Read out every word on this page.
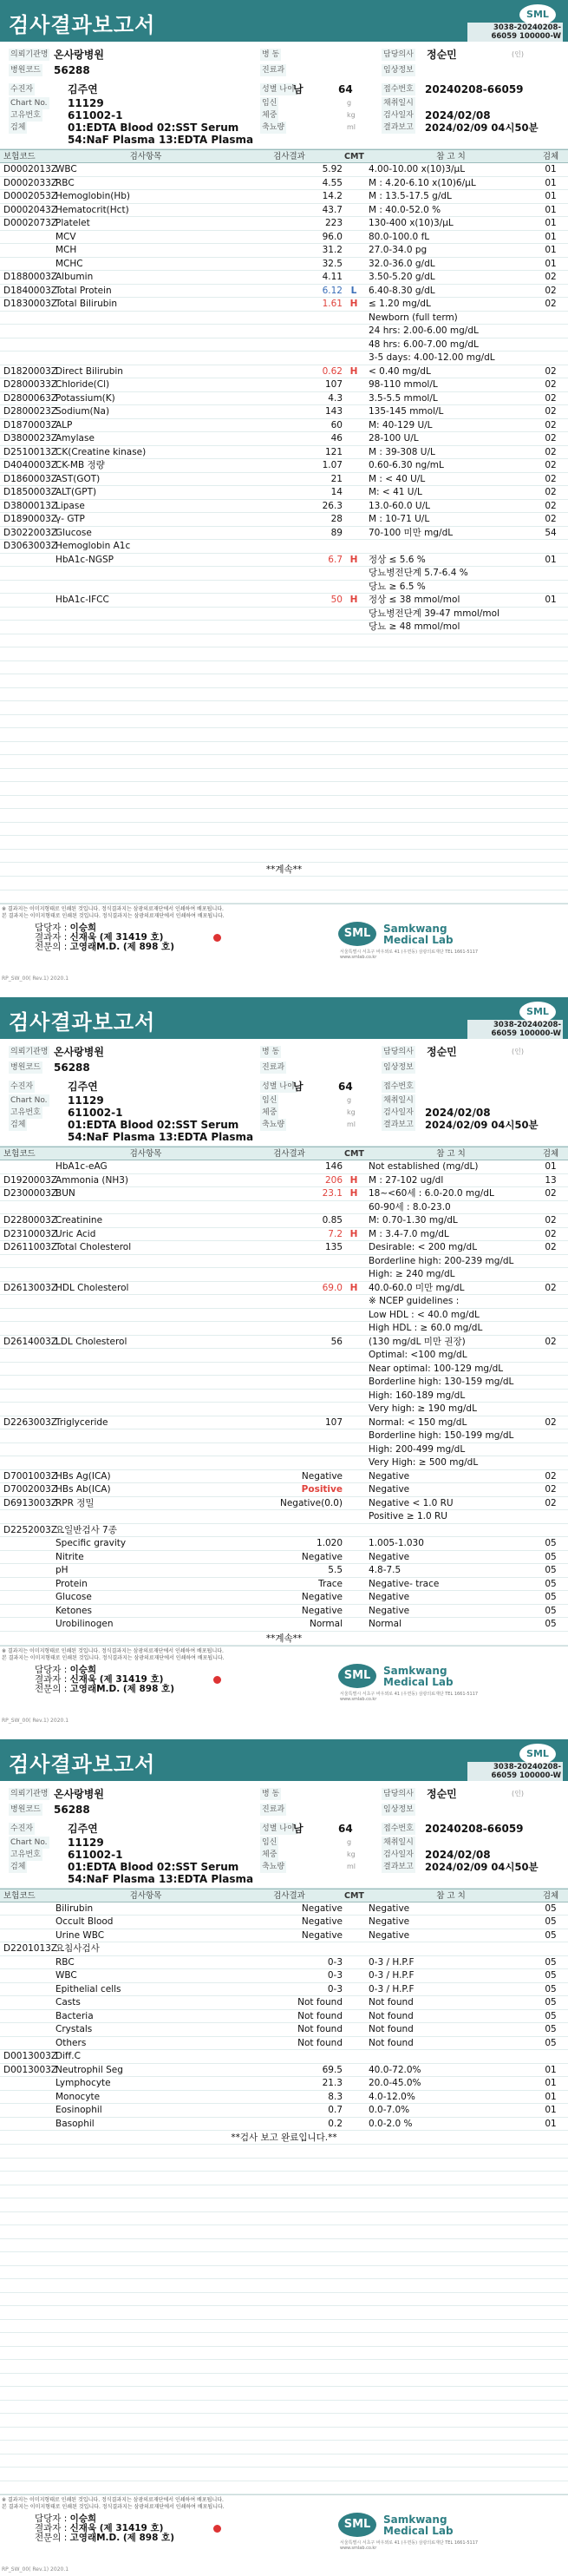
검사결과보고서	SML
3038-20240208-66059 100000-W
의뢰기관명 온사랑병원
병원코드 56288
병 동
진료과
담당의사 정순민	(인)
임상정보
수진자	김주연
Chart No. 11129
고유번호	611002-1
검체	01:EDTA Blood 02:SST Serum
54:NaF Plasma 13:EDTA Plasma
성별 나이
남	64
임신
체중
축뇨량
g
kg
ml
접수번호 20240208-66059
채취일시
검사일자 2024/02/08
결과보고 2024/02/09 04시50분
보험코드	검사항목	검사결과	CMT	참 고 치	검체
D0002013Z
WBC	5.92	4.00-10.00 x(10)3/μL	01
D0002033Z
RBC	4.55	M : 4.20-6.10 x(10)6/μL	01
D0002053Z
Hemoglobin(Hb)	14.2	M : 13.5-17.5 g/dL	01
D0002043Z
Hematocrit(Hct)	43.7	M : 40.0-52.0 %	01
D0002073Z
Platelet	223	130-400 x(10)3/μL	01
MCV	96.0	80.0-100.0 fL	01
MCH	31.2	27.0-34.0 pg	01
MCHC	32.5	32.0-36.0 g/dL	01
D1880003Z
Albumin	4.11	3.50-5.20 g/dL	02
D1840003Z
Total Protein	6.12 L	6.40-8.30 g/dL	02
D1830003Z
Total Bilirubin	1.61 H	≤ 1.20 mg/dL	02
Newborn (full term)
24 hrs: 2.00-6.00 mg/dL
48 hrs: 6.00-7.00 mg/dL
3-5 days: 4.00-12.00 mg/dL
D1820003Z
Direct Bilirubin	0.62 H	< 0.40 mg/dL	02
D2800033Z
Chloride(Cl)	107	98-110 mmol/L	02
D2800063Z
Potassium(K)	4.3	3.5-5.5 mmol/L	02
D2800023Z
Sodium(Na)	143	135-145 mmol/L	02
D1870003Z
ALP	60	M: 40-129 U/L	02
D3800023Z
Amylase	46	28-100 U/L	02
D2510013Z
CK(Creatine kinase)	121	M : 39-308 U/L	02
D4040003Z
CK-MB 정량	1.07	0.60-6.30 ng/mL	02
D1860003Z
AST(GOT)	21	M : < 40 U/L	02
D1850003Z
ALT(GPT)	14	M: < 41 U/L	02
D3800013Z
Lipase	26.3	13.0-60.0 U/L	02
D1890003Z
γ- GTP	28	M : 10-71 U/L	02
D3022003Z
Glucose	89	70-100 미만 mg/dL	54
D3063003Z
Hemoglobin A1c
HbA1c-NGSP	6.7 H	정상 ≤ 5.6 %	01
당뇨병전단계 5.7-6.4 %
당뇨 ≥ 6.5 %
HbA1c-IFCC	50 H	정상 ≤ 38 mmol/mol	01
당뇨병전단계 39-47 mmol/mol
당뇨 ≥ 48 mmol/mol
**계속**
※ 결과지는 이미지형태로 인쇄된 것입니다. 정식결과지는 삼광의료재단에서 인쇄하여 배포됩니다.
본 결과지는 이미지형태로 인쇄된 것입니다. 정식결과지는 삼광의료재단에서 인쇄하여 배포됩니다.
담당자 : 이승희
결과자 : 신재욱 (제 31419 호)
전문의 : 고영래M.D. (제 898 호)
SML	Samkwang
Medical Lab
서울특별시 서초구 바우뫼로 41 (우면동) 삼광의료재단 TEL 1661-5117 www.smlab.co.kr
RP_SW_00( Rev.1) 2020.1
검사결과보고서	SML
3038-20240208-66059 100000-W
의뢰기관명 온사랑병원
병원코드 56288
병 동
진료과
담당의사 정순민	(인)
임상정보
수진자	김주연
Chart No. 11129
고유번호	611002-1
검체	01:EDTA Blood 02:SST Serum
54:NaF Plasma 13:EDTA Plasma
성별 나이
남	64
임신
체중
축뇨량
g
kg
ml
접수번호
채취일시
검사일자 2024/02/08
결과보고 2024/02/09 04시50분
보험코드	검사항목	검사결과	CMT	참 고 치	검체
HbA1c-eAG	146	Not established (mg/dL)	01
D1920003Z
Ammonia (NH3)	206 H	M : 27-102 ug/dl	13
D2300003Z
BUN	23.1 H	18~<60세 : 6.0-20.0 mg/dL	02
60-90세 : 8.0-23.0
D2280003Z
Creatinine	0.85	M: 0.70-1.30 mg/dL	02
D2310003Z
Uric Acid	7.2 H	M : 3.4-7.0 mg/dL	02
D2611003Z
Total Cholesterol	135	Desirable: < 200 mg/dL	02
Borderline high: 200-239 mg/dL
High: ≥ 240 mg/dL
D2613003Z
HDL Cholesterol	69.0 H	40.0-60.0 미만 mg/dL	02
※ NCEP guidelines :
Low HDL : < 40.0 mg/dL
High HDL : ≥ 60.0 mg/dL
D2614003Z
LDL Cholesterol	56	(130 mg/dL 미만 권장)	02
Optimal: <100 mg/dL
Near optimal: 100-129 mg/dL
Borderline high: 130-159 mg/dL
High: 160-189 mg/dL
Very high: ≥ 190 mg/dL
D2263003Z
Triglyceride	107	Normal: < 150 mg/dL	02
Borderline high: 150-199 mg/dL
High: 200-499 mg/dL
Very High: ≥ 500 mg/dL
D7001003Z
HBs Ag(ICA)	Negative	Negative	02
D7002003Z
HBs Ab(ICA)	Positive	Negative	02
D6913003Z
RPR 정밀	Negative(0.0)	Negative < 1.0 RU	02
Positive ≥ 1.0 RU
D2252003Z
요일반검사 7종
Specific gravity	1.020	1.005-1.030	05
Nitrite	Negative	Negative	05
pH	5.5	4.8-7.5	05
Protein	Trace	Negative- trace	05
Glucose	Negative	Negative	05
Ketones	Negative	Negative	05
Urobilinogen	Normal	Normal	05
**계속**
※ 결과지는 이미지형태로 인쇄된 것입니다. 정식결과지는 삼광의료재단에서 인쇄하여 배포됩니다.
본 결과지는 이미지형태로 인쇄된 것입니다. 정식결과지는 삼광의료재단에서 인쇄하여 배포됩니다.
담당자 : 이승희
결과자 : 신재욱 (제 31419 호)
전문의 : 고영래M.D. (제 898 호)
SML	Samkwang
Medical Lab
서울특별시 서초구 바우뫼로 41 (우면동) 삼광의료재단 TEL 1661-5117 www.smlab.co.kr
RP_SW_00( Rev.1) 2020.1
검사결과보고서	SML
3038-20240208-66059 100000-W
의뢰기관명 온사랑병원
병원코드 56288
병 동
진료과
담당의사 정순민	(인)
임상정보
수진자	김주연
Chart No. 11129
고유번호	611002-1
검체	01:EDTA Blood 02:SST Serum
54:NaF Plasma 13:EDTA Plasma
성별 나이
남	64
임신
체중
축뇨량
g
kg
ml
접수번호 20240208-66059
채취일시
검사일자 2024/02/08
결과보고 2024/02/09 04시50분
보험코드	검사항목	검사결과	CMT	참 고 치	검체
Bilirubin	Negative	Negative	05
Occult Blood	Negative	Negative	05
Urine WBC	Negative	Negative	05
D2201013Z
요침사검사
RBC	0-3	0-3 / H.P.F	05
WBC	0-3	0-3 / H.P.F	05
Epithelial cells	0-3	0-3 / H.P.F	05
Casts	Not found	Not found	05
Bacteria	Not found	Not found	05
Crystals	Not found	Not found	05
Others	Not found	Not found	05
D0013003Z
Diff.C
D0013003Z
Neutrophil Seg	69.5	40.0-72.0%	01
Lymphocyte	21.3	20.0-45.0%	01
Monocyte	8.3	4.0-12.0%	01
Eosinophil	0.7	0.0-7.0%	01
Basophil	0.2	0.0-2.0 %	01
**검사 보고 완료입니다.**
※ 결과지는 이미지형태로 인쇄된 것입니다. 정식결과지는 삼광의료재단에서 인쇄하여 배포됩니다.
본 결과지는 이미지형태로 인쇄된 것입니다. 정식결과지는 삼광의료재단에서 인쇄하여 배포됩니다.
담당자 : 이승희
결과자 : 신재욱 (제 31419 호)
전문의 : 고영래M.D. (제 898 호)
SML	Samkwang
Medical Lab
서울특별시 서초구 바우뫼로 41 (우면동) 삼광의료재단 TEL 1661-5117 www.smlab.co.kr
RP_SW_00( Rev.1) 2020.1
